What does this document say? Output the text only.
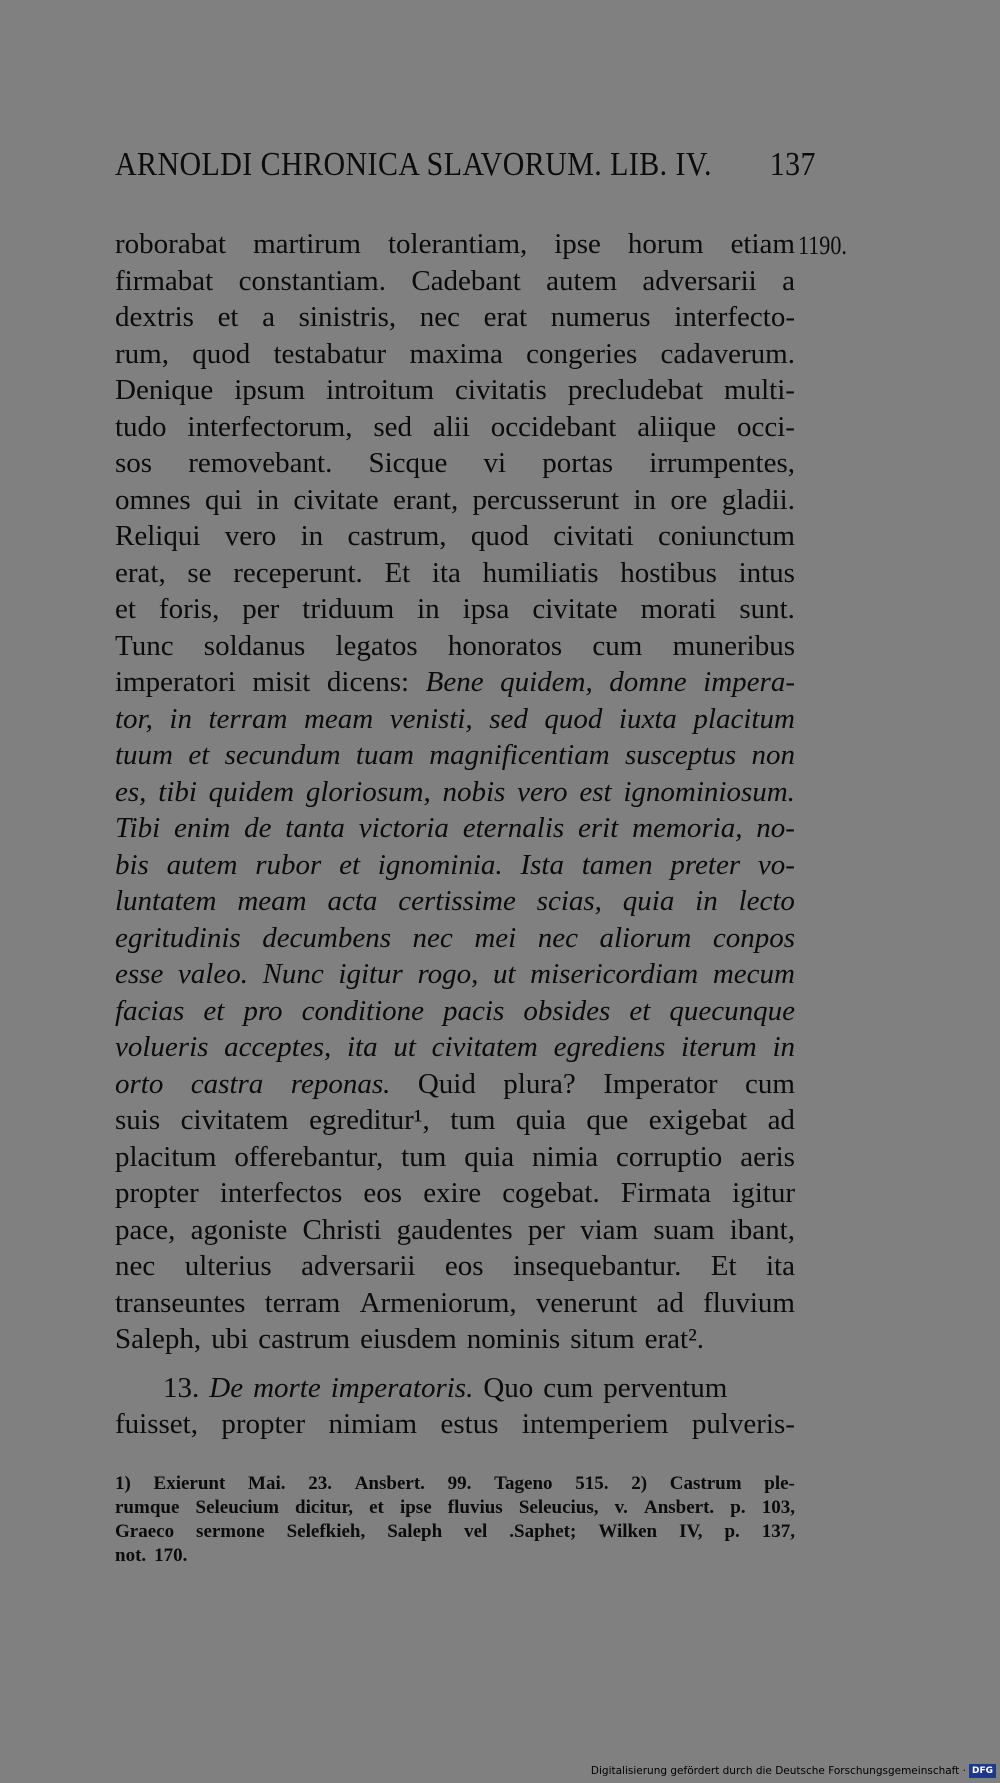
ARNOLDI CHRONICA SLAVORUM. LIB. IV. 137
1190.
roborabat martirum tolerantiam, ipse horum etiam
firmabat constantiam. Cadebant autem adversarii a
dextris et a sinistris, nec erat numerus interfecto-
rum, quod testabatur maxima congeries cadaverum.
Denique ipsum introitum civitatis precludebat multi-
tudo interfectorum, sed alii occidebant aliique occi-
sos removebant. Sicque vi portas irrumpentes,
omnes qui in civitate erant, percusserunt in ore gladii.
Reliqui vero in castrum, quod civitati coniunctum
erat, se receperunt. Et ita humiliatis hostibus intus
et foris, per triduum in ipsa civitate morati sunt.
Tunc soldanus legatos honoratos cum muneribus
imperatori misit dicens: Bene quidem, domne impera-
tor, in terram meam venisti, sed quod iuxta placitum
tuum et secundum tuam magnificentiam susceptus non
es, tibi quidem gloriosum, nobis vero est ignominiosum.
Tibi enim de tanta victoria eternalis erit memoria, no-
bis autem rubor et ignominia. Ista tamen preter vo-
luntatem meam acta certissime scias, quia in lecto
egritudinis decumbens nec mei nec aliorum conpos
esse valeo. Nunc igitur rogo, ut misericordiam mecum
facias et pro conditione pacis obsides et quecunque
volueris acceptes, ita ut civitatem egrediens iterum in
orto castra reponas. Quid plura? Imperator cum
suis civitatem egreditur¹, tum quia que exigebat ad
placitum offerebantur, tum quia nimia corruptio aeris
propter interfectos eos exire cogebat. Firmata igitur
pace, agoniste Christi gaudentes per viam suam ibant,
nec ulterius adversarii eos insequebantur. Et ita
transeuntes terram Armeniorum, venerunt ad fluvium
Saleph, ubi castrum eiusdem nominis situm erat².
13. De morte imperatoris. Quo cum perventum
fuisset, propter nimiam estus intemperiem pulveris-
1) Exierunt Mai. 23. Ansbert. 99. Tageno 515. 2) Castrum ple-
rumque Seleucium dicitur, et ipse fluvius Seleucius, v. Ansbert. p. 103,
Graeco sermone Selefkieh, Saleph vel .Saphet; Wilken IV, p. 137,
not. 170.
Digitalisierung gefördert durch die Deutsche Forschungsgemeinschaft · DFG
